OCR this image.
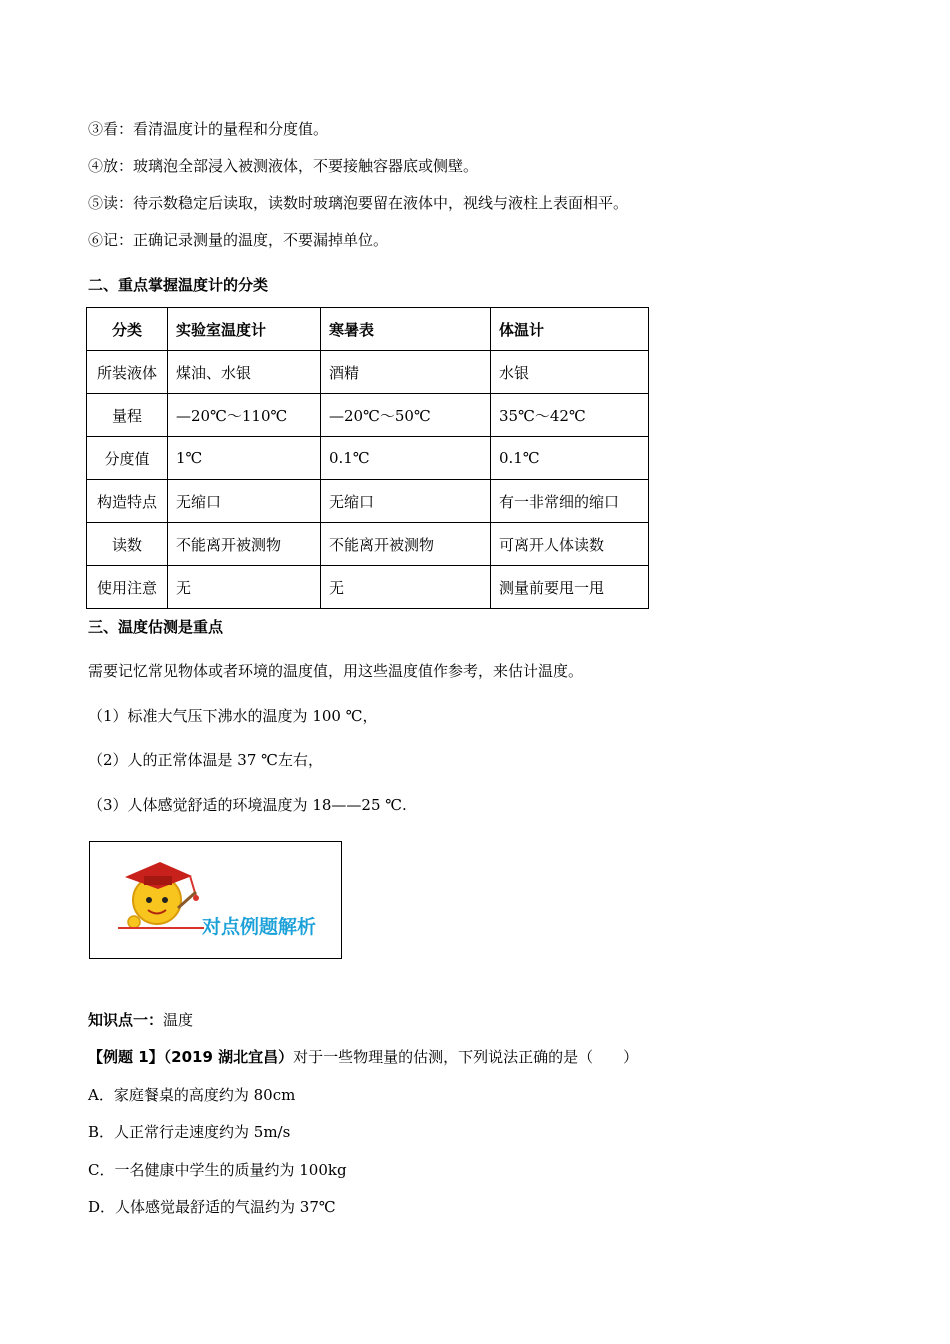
③看：看清温度计的量程和分度值。
④放：玻璃泡全部浸入被测液体，不要接触容器底或侧壁。
⑤读：待示数稳定后读取，读数时玻璃泡要留在液体中，视线与液柱上表面相平。
⑥记：正确记录测量的温度，不要漏掉单位。
二、重点掌握温度计的分类
分类	实验室温度计	寒暑表	体温计
所装液体	煤油、水银	酒精	水银
量程	—20℃～110℃	—20℃～50℃	35℃～42℃
分度值	1℃	0.1℃	0.1℃
构造特点	无缩口	无缩口	有一非常细的缩口
读数	不能离开被测物	不能离开被测物	可离开人体读数
使用注意	无	无	测量前要甩一甩
三、温度估测是重点
需要记忆常见物体或者环境的温度值，用这些温度值作参考，来估计温度。
（1）标准大气压下沸水的温度为 100 ℃，
（2）人的正常体温是 37 ℃左右，
（3）人体感觉舒适的环境温度为 18——25 ℃.
对点例题解析
知识点一：温度
【例题 1】（2019 湖北宜昌）对于一些物理量的估测，下列说法正确的是（　　）
A．家庭餐桌的高度约为 80cm
B．人正常行走速度约为 5m/s
C．一名健康中学生的质量约为 100kg
D．人体感觉最舒适的气温约为 37℃
